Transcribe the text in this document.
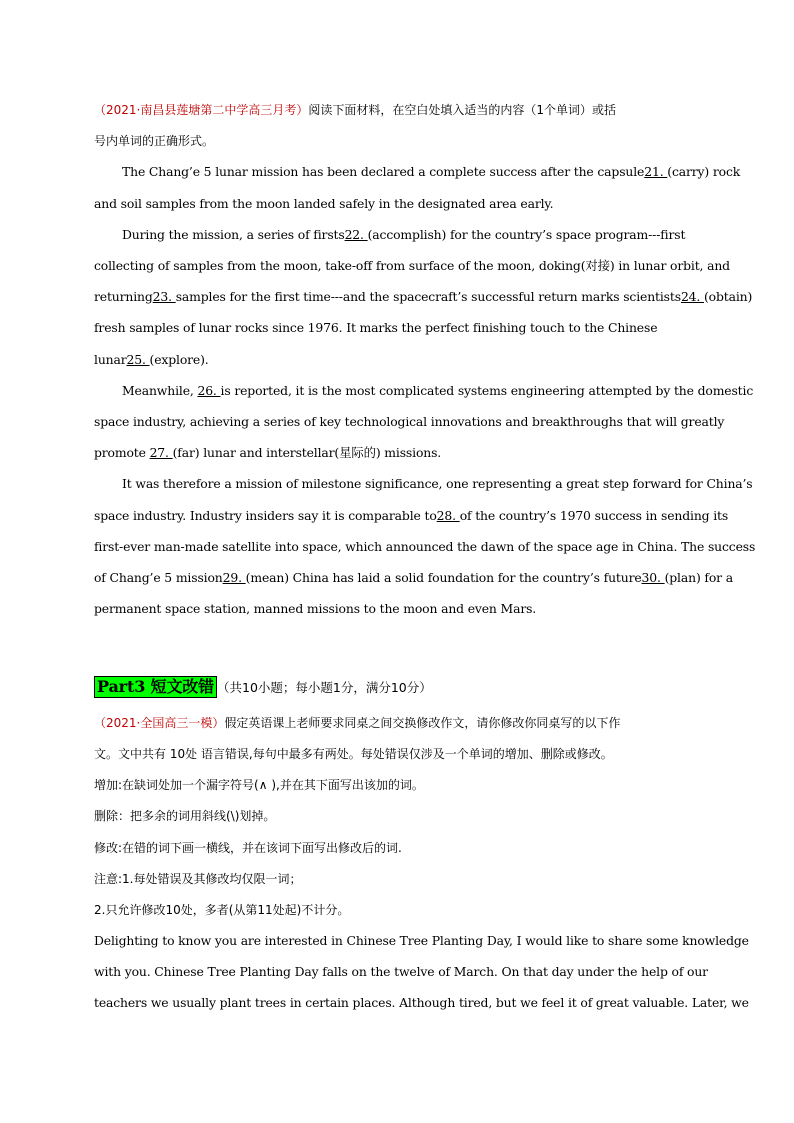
（2021·南昌县莲塘第二中学高三月考）阅读下面材料，在空白处填入适当的内容（1个单词）或括
号内单词的正确形式。
The Chang’e 5 lunar mission has been declared a complete success after the capsule21. (carry) rock
and soil samples from the moon landed safely in the designated area early.
During the mission, a series of firsts22. (accomplish) for the country’s space program---first
collecting of samples from the moon, take-off from surface of the moon, doking(对接) in lunar orbit, and
returning23. samples for the first time---and the spacecraft’s successful return marks scientists24. (obtain)
fresh samples of lunar rocks since 1976. It marks the perfect finishing touch to the Chinese
lunar25. (explore).
Meanwhile, 26. is reported, it is the most complicated systems engineering attempted by the domestic
space industry, achieving a series of key technological innovations and breakthroughs that will greatly
promote 27. (far) lunar and interstellar(星际的) missions.
It was therefore a mission of milestone significance, one representing a great step forward for China’s
space industry. Industry insiders say it is comparable to28. of the country’s 1970 success in sending its
first-ever man-made satellite into space, which announced the dawn of the space age in China. The success
of Chang’e 5 mission29. (mean) China has laid a solid foundation for the country’s future30. (plan) for a
permanent space station, manned missions to the moon and even Mars.
Part3 短文改错 （共10小题；每小题1分，满分10分）
（2021·全国高三一模）假定英语课上老师要求同桌之间交换修改作文，请你修改你同桌写的以下作
文。文中共有 10处 语言错误,每句中最多有两处。每处错误仅涉及一个单词的增加、删除或修改。
增加:在缺词处加一个漏字符号(∧ ),并在其下面写出该加的词。
删除：把多余的词用斜线(\)划掉。
修改:在错的词下画一横线，并在该词下面写出修改后的词.
注意:1.每处错误及其修改均仅限一词；
2.只允许修改10处，多者(从第11处起)不计分。
Delighting to know you are interested in Chinese Tree Planting Day, I would like to share some knowledge
with you. Chinese Tree Planting Day falls on the twelve of March. On that day under the help of our
teachers we usually plant trees in certain places. Although tired, but we feel it of great valuable. Later, we
